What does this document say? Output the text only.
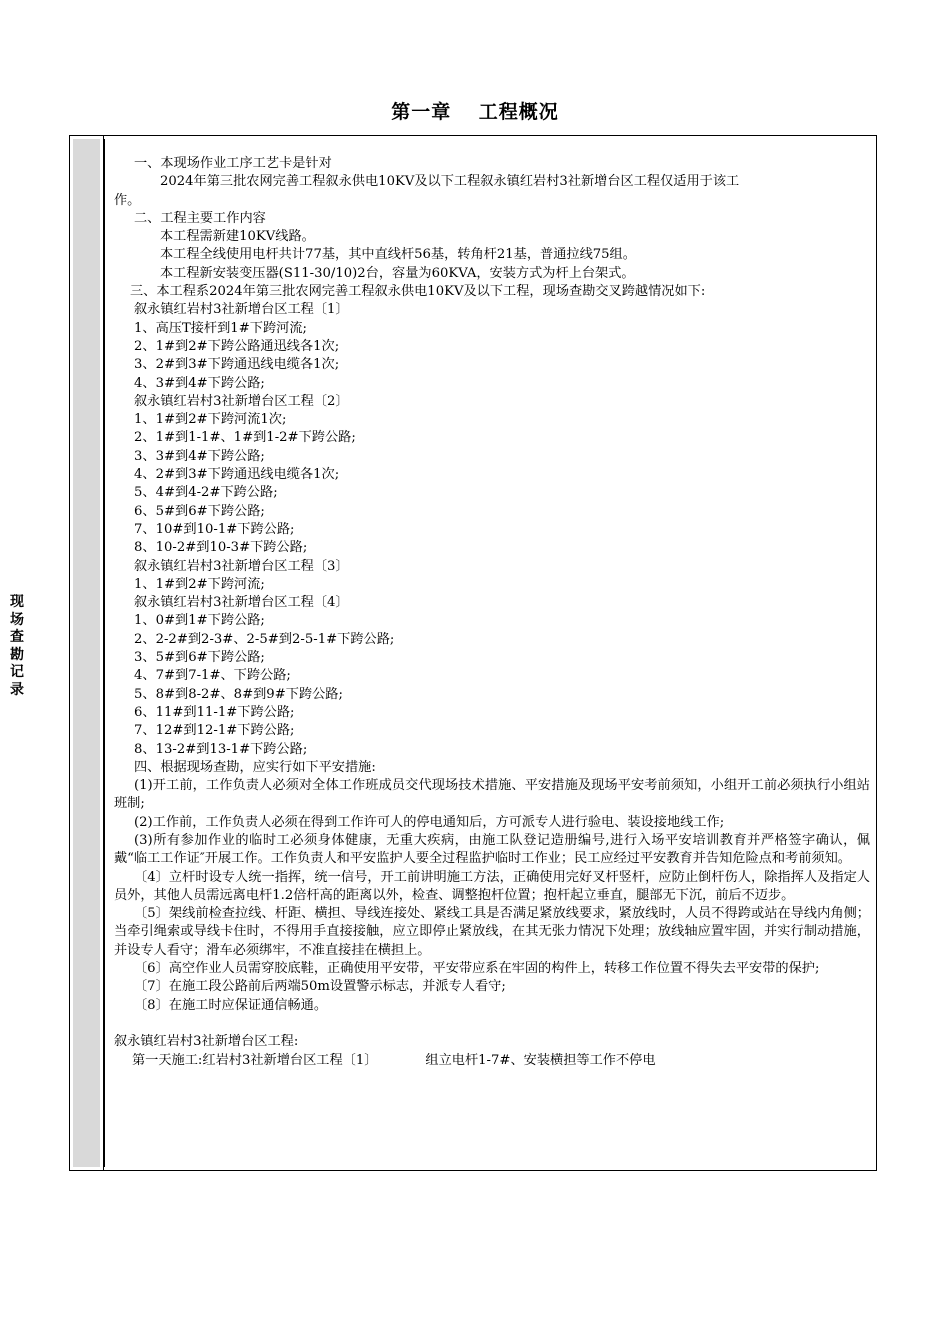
第一章　 工程概况
现
场
查
勘
记
录
一、本现场作业工序工艺卡是针对
2024年第三批农网完善工程叙永供电10KV及以下工程叙永镇红岩村3社新增台区工程仅适用于该工
作。
二、工程主要工作内容
本工程需新建10KV线路。
本工程全线使用电杆共计77基，其中直线杆56基，转角杆21基，普通拉线75组。
本工程新安装变压器(S11-30/10)2台，容量为60KVA，安装方式为杆上台架式。
三、本工程系2024年第三批农网完善工程叙永供电10KV及以下工程，现场查勘交叉跨越情况如下:
叙永镇红岩村3社新增台区工程〔1〕
1、高压T接杆到1#下跨河流;
2、1#到2#下跨公路通迅线各1次;
3、2#到3#下跨通迅线电缆各1次;
4、3#到4#下跨公路;
叙永镇红岩村3社新增台区工程〔2〕
1、1#到2#下跨河流1次;
2、1#到1-1#、1#到1-2#下跨公路;
3、3#到4#下跨公路;
4、2#到3#下跨通迅线电缆各1次;
5、4#到4-2#下跨公路;
6、5#到6#下跨公路;
7、10#到10-1#下跨公路;
8、10-2#到10-3#下跨公路;
叙永镇红岩村3社新增台区工程〔3〕
1、1#到2#下跨河流;
叙永镇红岩村3社新增台区工程〔4〕
1、0#到1#下跨公路;
2、2-2#到2-3#、2-5#到2-5-1#下跨公路;
3、5#到6#下跨公路;
4、7#到7-1#、下跨公路;
5、8#到8-2#、8#到9#下跨公路;
6、11#到11-1#下跨公路;
7、12#到12-1#下跨公路;
8、13-2#到13-1#下跨公路;
四、根据现场查勘，应实行如下平安措施:
(1)开工前，工作负责人必须对全体工作班成员交代现场技术措施、平安措施及现场平安考前须知，小组开工前必须执行小组站班制;
(2)工作前，工作负责人必须在得到工作许可人的停电通知后，方可派专人进行验电、装设接地线工作;
(3)所有参加作业的临时工必须身体健康，无重大疾病，由施工队登记造册编号,进行入场平安培训教育并严格签字确认，佩戴“临工工作证″开展工作。工作负责人和平安监护人要全过程监护临时工作业；民工应经过平安教育并告知危险点和考前须知。
〔4〕立杆时设专人统一指挥，统一信号，开工前讲明施工方法，正确使用完好叉杆竖杆，应防止倒杆伤人，除指挥人及指定人员外，其他人员需远离电杆1.2倍杆高的距离以外，检查、调整抱杆位置；抱杆起立垂直，腿部无下沉，前后不迈步。
〔5〕架线前检查拉线、杆距、横担、导线连接处、紧线工具是否满足紧放线要求，紧放线时，人员不得跨或站在导线内角侧；当牵引绳索或导线卡住时，不得用手直接接触，应立即停止紧放线，在其无张力情况下处理；放线轴应置牢固，并实行制动措施，并设专人看守；滑车必须绑牢，不准直接挂在横担上。
〔6〕高空作业人员需穿胶底鞋，正确使用平安带，平安带应系在牢固的构件上，转移工作位置不得失去平安带的保护;
〔7〕在施工段公路前后两端50m设置警示标志，并派专人看守;
〔8〕在施工时应保证通信畅通。
叙永镇红岩村3社新增台区工程:
第一天施工:红岩村3社新增台区工程〔1〕	组立电杆1-7#、安装横担等工作不停电
